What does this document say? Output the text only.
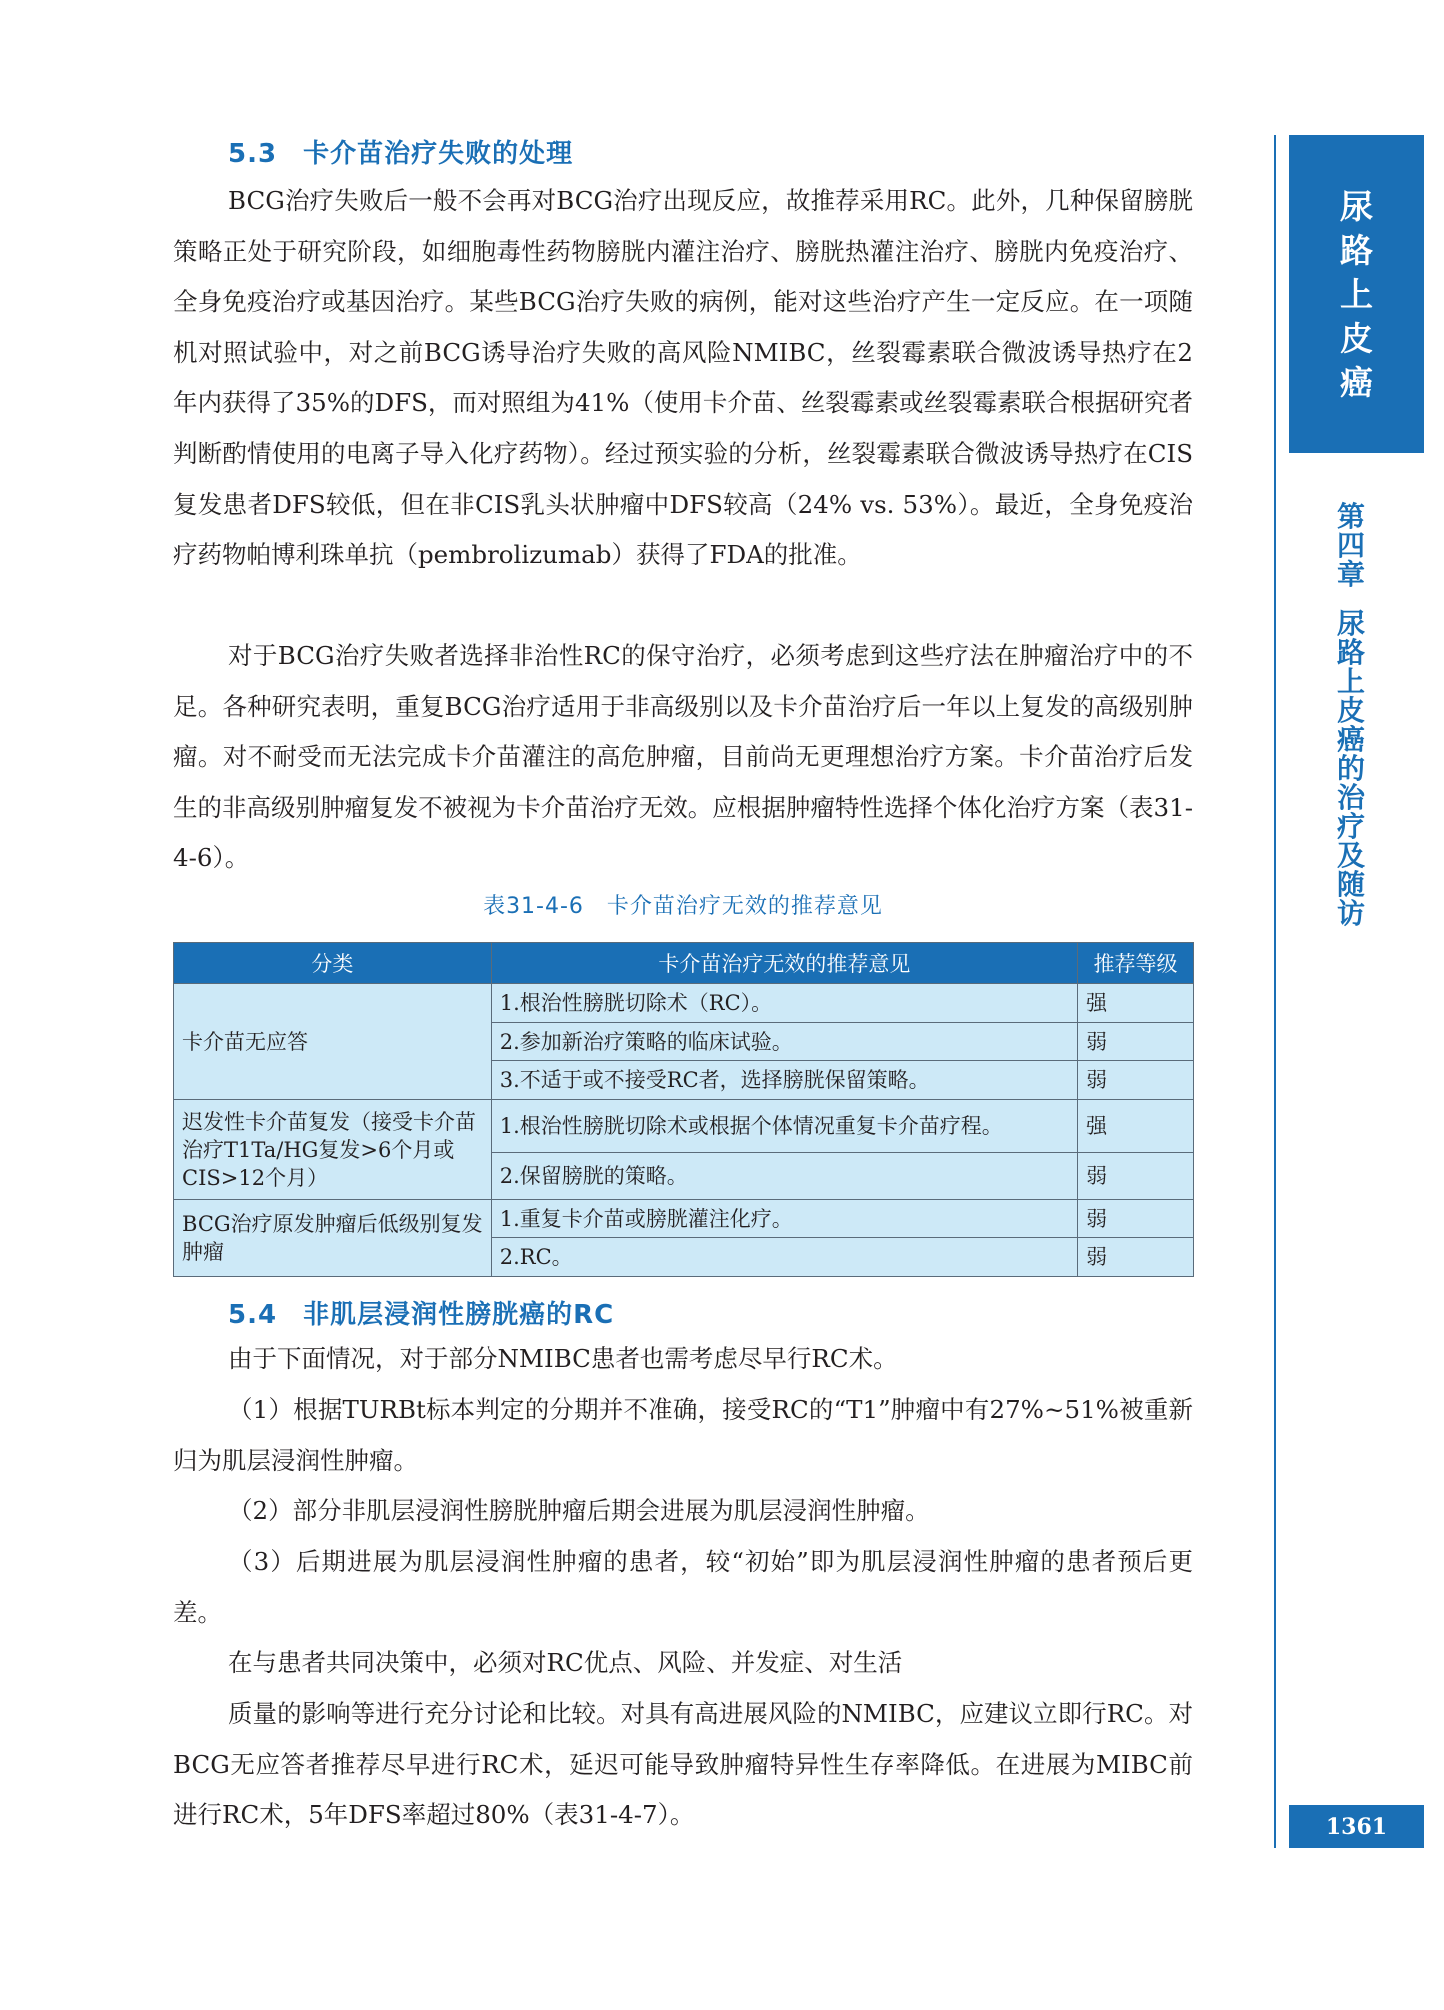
5.3 卡介苗治疗失败的处理

BCG治疗失败后一般不会再对BCG治疗出现反应，故推荐采用RC。此外，几种保留膀胱策略正处于研究阶段，如细胞毒性药物膀胱内灌注治疗、膀胱热灌注治疗、膀胱内免疫治疗、全身免疫治疗或基因治疗。某些BCG治疗失败的病例，能对这些治疗产生一定反应。在一项随机对照试验中，对之前BCG诱导治疗失败的高风险NMIBC，丝裂霉素联合微波诱导热疗在2年内获得了35%的DFS，而对照组为41%（使用卡介苗、丝裂霉素或丝裂霉素联合根据研究者判断酌情使用的电离子导入化疗药物）。经过预实验的分析，丝裂霉素联合微波诱导热疗在CIS复发患者DFS较低，但在非CIS乳头状肿瘤中DFS较高（24% vs. 53%）。最近，全身免疫治疗药物帕博利珠单抗（pembrolizumab）获得了FDA的批准。

对于BCG治疗失败者选择非治性RC的保守治疗，必须考虑到这些疗法在肿瘤治疗中的不足。各种研究表明，重复BCG治疗适用于非高级别以及卡介苗治疗后一年以上复发的高级别肿瘤。对不耐受而无法完成卡介苗灌注的高危肿瘤，目前尚无更理想治疗方案。卡介苗治疗后发生的非高级别肿瘤复发不被视为卡介苗治疗无效。应根据肿瘤特性选择个体化治疗方案（表31-4-6）。

表31-4-6　卡介苗治疗无效的推荐意见

分类	卡介苗治疗无效的推荐意见	推荐等级
卡介苗无应答	1.根治性膀胱切除术（RC）。	强
	2.参加新治疗策略的临床试验。	弱
	3.不适于或不接受RC者，选择膀胱保留策略。	弱
迟发性卡介苗复发（接受卡介苗治疗T1Ta/HG复发>6个月或CIS>12个月）	1.根治性膀胱切除术或根据个体情况重复卡介苗疗程。	强
	2.保留膀胱的策略。	弱
BCG治疗原发肿瘤后低级别复发肿瘤	1.重复卡介苗或膀胱灌注化疗。	弱
	2.RC。	弱
5.4 非肌层浸润性膀胱癌的RC

由于下面情况，对于部分NMIBC患者也需考虑尽早行RC术。

（1）根据TURBt标本判定的分期并不准确，接受RC的“T1”肿瘤中有27%~51%被重新归为肌层浸润性肿瘤。

（2）部分非肌层浸润性膀胱肿瘤后期会进展为肌层浸润性肿瘤。

（3）后期进展为肌层浸润性肿瘤的患者，较“初始”即为肌层浸润性肿瘤的患者预后更差。

在与患者共同决策中，必须对RC优点、风险、并发症、对生活

质量的影响等进行充分讨论和比较。对具有高进展风险的NMIBC，应建议立即行RC。对BCG无应答者推荐尽早进行RC术，延迟可能导致肿瘤特异性生存率降低。在进展为MIBC前进行RC术，5年DFS率超过80%（表31-4-7）。

尿
路
上
皮
癌
第
四
章
尿
路
上
皮
癌
的
治
疗
及
随
访
1361
